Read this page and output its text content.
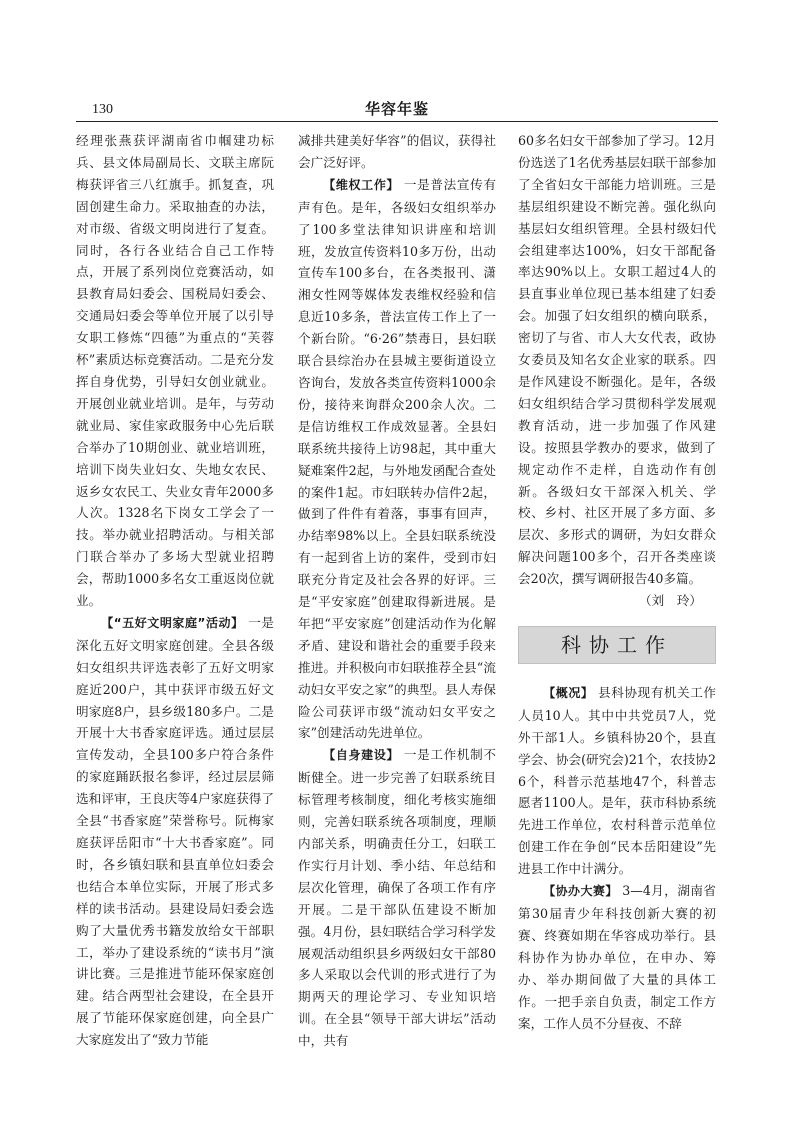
130	华容年鉴

经理张燕获评湖南省巾帼建功标兵、县文体局副局长、文联主席阮梅获评省三八红旗手。抓复查，巩固创建生命力。采取抽查的办法，对市级、省级文明岗进行了复查。同时，各行各业结合自己工作特点，开展了系列岗位竞赛活动，如县教育局妇委会、国税局妇委会、交通局妇委会等单位开展了以引导女职工修炼“四德”为重点的“芙蓉杯”素质达标竞赛活动。二是充分发挥自身优势，引导妇女创业就业。开展创业就业培训。是年，与劳动就业局、家佳家政服务中心先后联合举办了10期创业、就业培训班，培训下岗失业妇女、失地女农民、返乡女农民工、失业女青年2000多人次。1328名下岗女工学会了一技。举办就业招聘活动。与相关部门联合举办了多场大型就业招聘会，帮助1000多名女工重返岗位就业。

【“五好文明家庭”活动】 一是深化五好文明家庭创建。全县各级妇女组织共评选表彰了五好文明家庭近200户，其中获评市级五好文明家庭8户，县乡级180多户。二是开展十大书香家庭评选。通过层层宣传发动，全县100多户符合条件的家庭踊跃报名参评，经过层层筛选和评审，王良庆等4户家庭获得了全县“书香家庭”荣誉称号。阮梅家庭获评岳阳市“十大书香家庭”。同时，各乡镇妇联和县直单位妇委会也结合本单位实际，开展了形式多样的读书活动。县建设局妇委会选购了大量优秀书籍发放给女干部职工，举办了建设系统的“读书月”演讲比赛。三是推进节能环保家庭创建。结合两型社会建设，在全县开展了节能环保家庭创建，向全县广大家庭发出了“致力节能

减排共建美好华容”的倡议，获得社会广泛好评。

【维权工作】 一是普法宣传有声有色。是年，各级妇女组织举办了100多堂法律知识讲座和培训班，发放宣传资料10多万份，出动宣传车100多台，在各类报刊、潇湘女性网等媒体发表维权经验和信息近10多条，普法宣传工作上了一个新台阶。“6·26”禁毒日，县妇联联合县综治办在县城主要街道设立咨询台，发放各类宣传资料1000余份，接待来询群众200余人次。二是信访维权工作成效显著。全县妇联系统共接待上访98起，其中重大疑难案件2起，与外地发函配合查处的案件1起。市妇联转办信件2起，做到了件件有着落，事事有回声，办结率98%以上。全县妇联系统没有一起到省上访的案件，受到市妇联充分肯定及社会各界的好评。三是“平安家庭”创建取得新进展。是年把“平安家庭”创建活动作为化解矛盾、建设和谐社会的重要手段来推进。并积极向市妇联推荐全县“流动妇女平安之家”的典型。县人寿保险公司获评市级“流动妇女平安之家”创建活动先进单位。

【自身建设】 一是工作机制不断健全。进一步完善了妇联系统目标管理考核制度，细化考核实施细则，完善妇联系统各项制度，理顺内部关系，明确责任分工，妇联工作实行月计划、季小结、年总结和层次化管理，确保了各项工作有序开展。二是干部队伍建设不断加强。4月份，县妇联结合学习科学发展观活动组织县乡两级妇女干部80多人采取以会代训的形式进行了为期两天的理论学习、专业知识培训。在全县“领导干部大讲坛”活动中，共有

60多名妇女干部参加了学习。12月份选送了1名优秀基层妇联干部参加了全省妇女干部能力培训班。三是基层组织建设不断完善。强化纵向基层妇女组织管理。全县村级妇代会组建率达100%，妇女干部配备率达90%以上。女职工超过4人的县直事业单位现已基本组建了妇委会。加强了妇女组织的横向联系，密切了与省、市人大女代表，政协女委员及知名女企业家的联系。四是作风建设不断强化。是年，各级妇女组织结合学习贯彻科学发展观教育活动，进一步加强了作风建设。按照县学教办的要求，做到了规定动作不走样，自选动作有创新。各级妇女干部深入机关、学校、乡村、社区开展了多方面、多层次、多形式的调研，为妇女群众解决问题100多个，召开各类座谈会20次，撰写调研报告40多篇。

（刘　玲）

科协工作

【概况】 县科协现有机关工作人员10人。其中中共党员7人，党外干部1人。乡镇科协20个，县直学会、协会(研究会)21个，农技协26个，科普示范基地47个，科普志愿者1100人。是年，获市科协系统先进工作单位，农村科普示范单位创建工作在争创“民本岳阳建设”先进县工作中计满分。

【协办大赛】 3—4月，湖南省第30届青少年科技创新大赛的初赛、终赛如期在华容成功举行。县科协作为协办单位，在申办、筹办、举办期间做了大量的具体工作。一把手亲自负责，制定工作方案，工作人员不分昼夜、不辞
